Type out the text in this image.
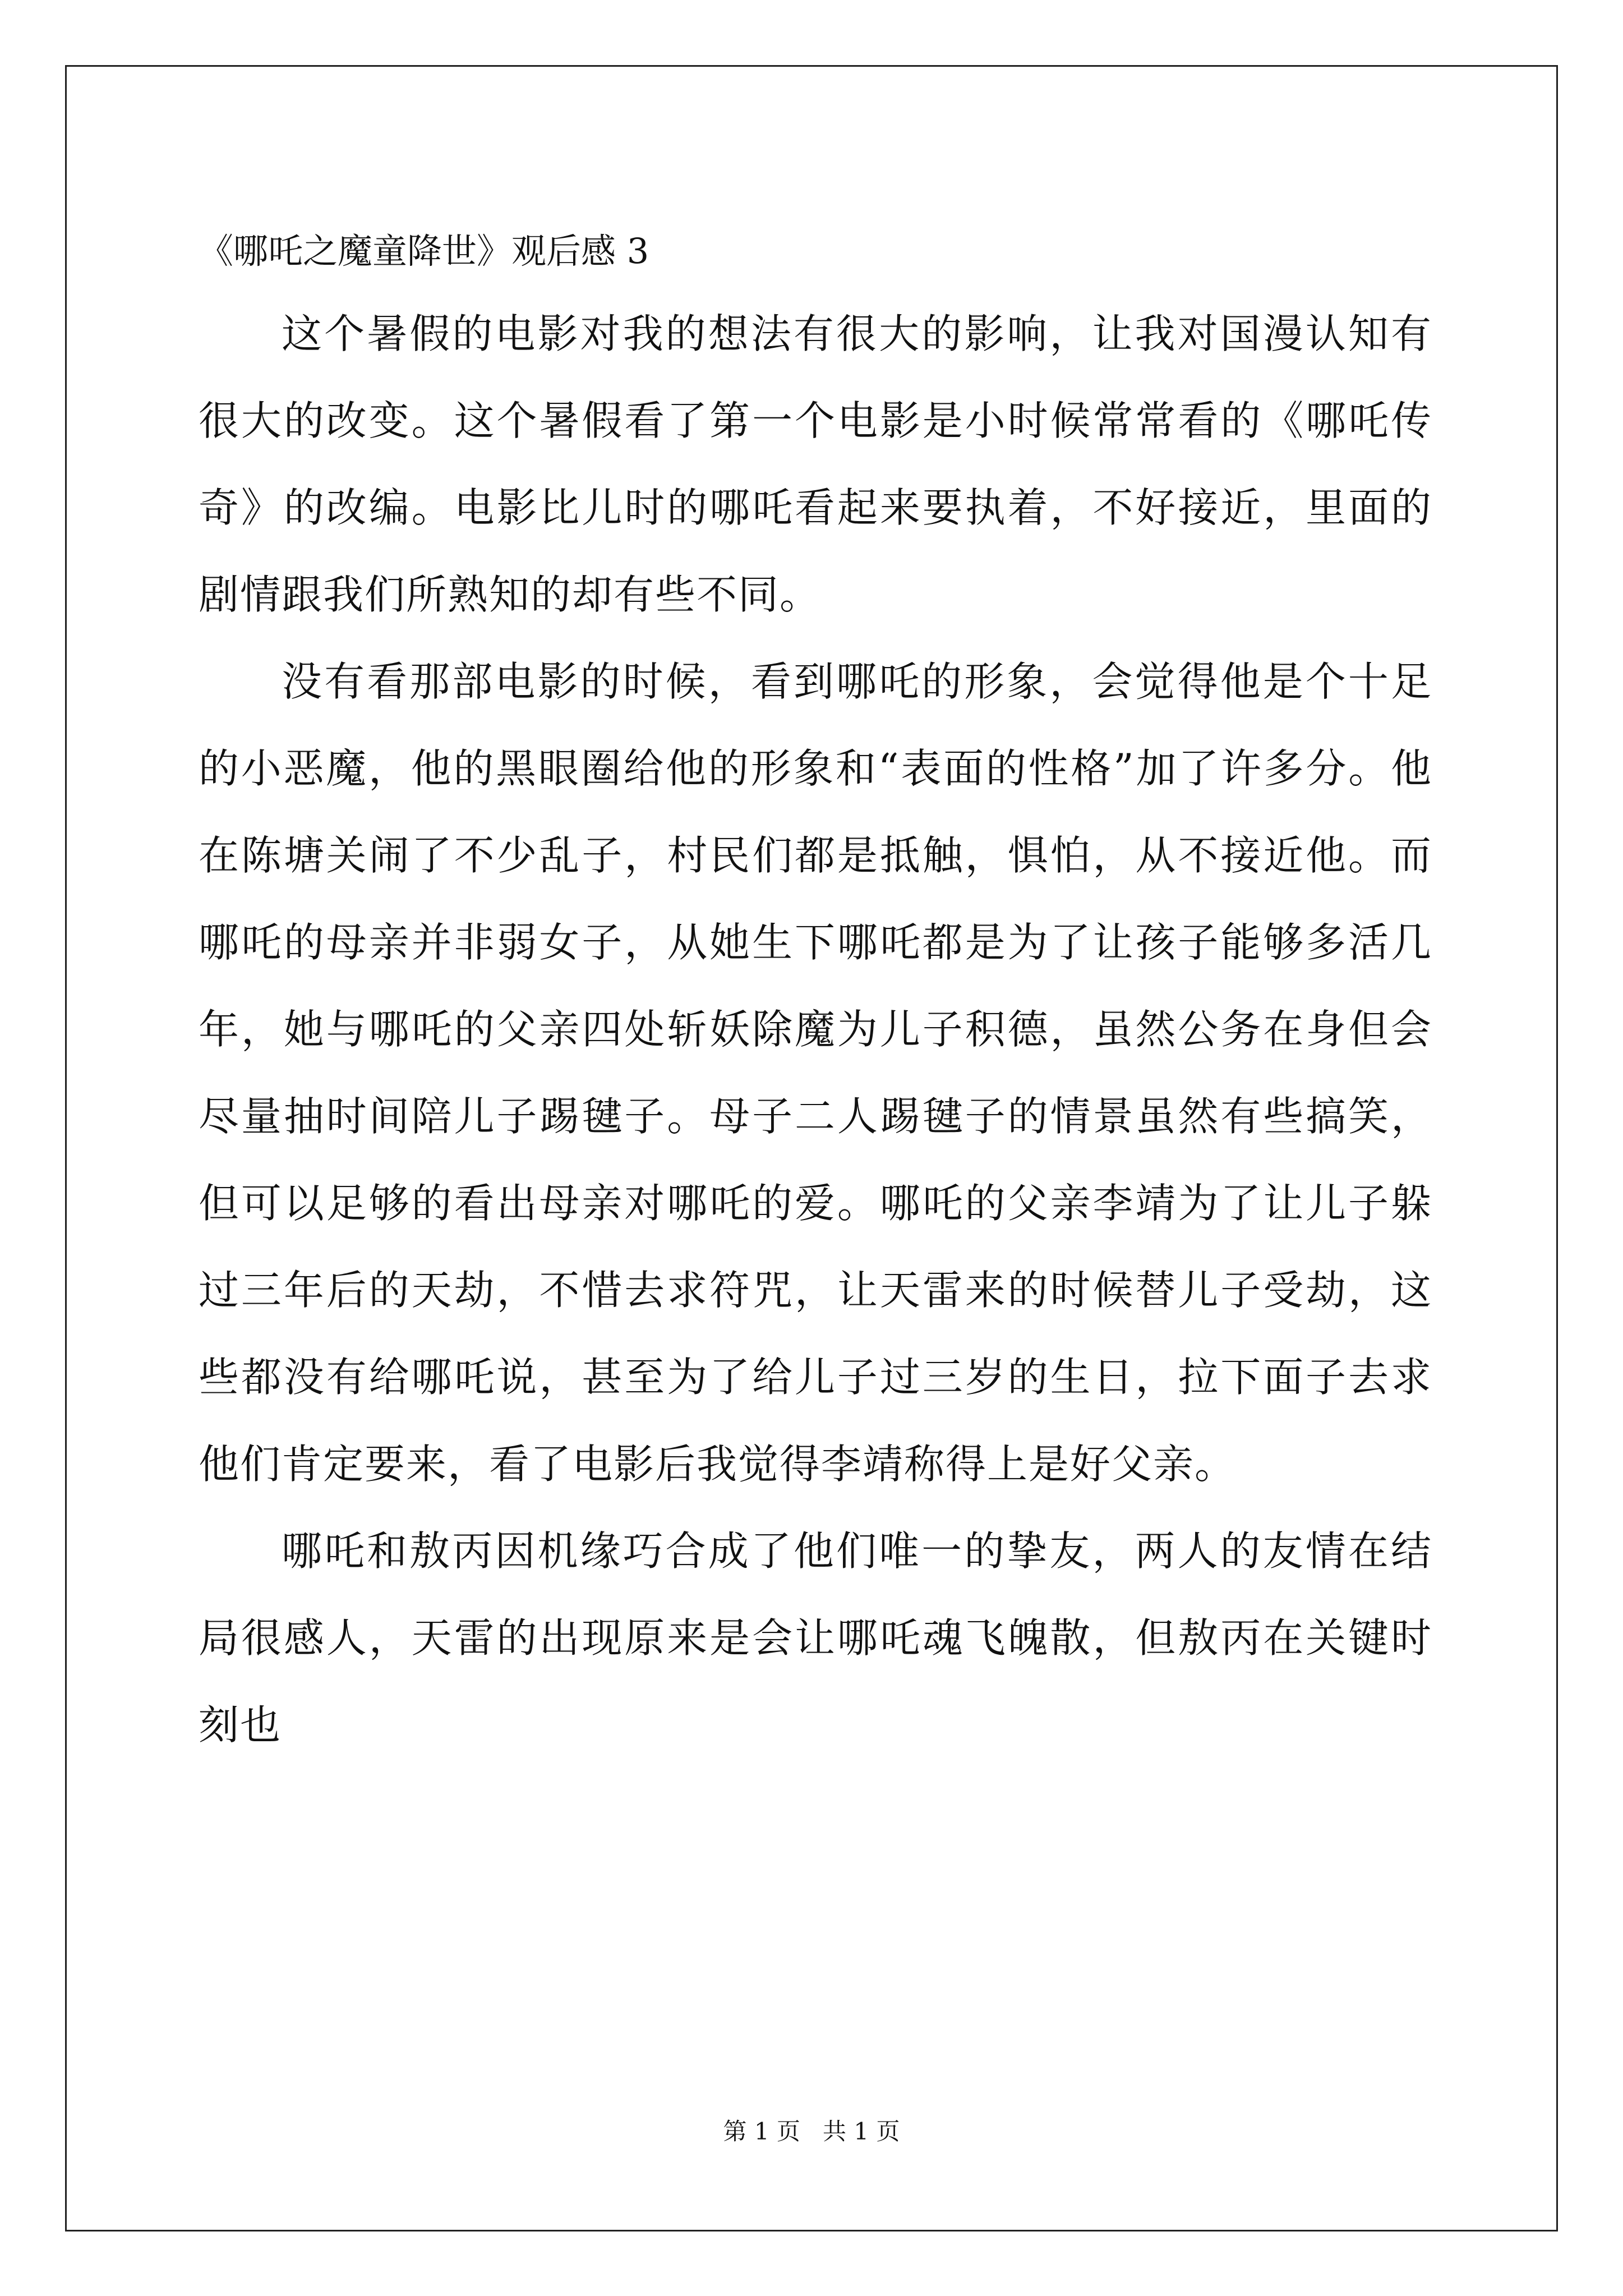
《哪吒之魔童降世》观后感 3

这个暑假的电影对我的想法有很大的影响，让我对国漫认知有很大的改变。这个暑假看了第一个电影是小时候常常看的《哪吒传奇》的改编。电影比儿时的哪吒看起来要执着，不好接近，里面的剧情跟我们所熟知的却有些不同。

没有看那部电影的时候，看到哪吒的形象，会觉得他是个十足的小恶魔，他的黑眼圈给他的形象和“表面的性格”加了许多分。他在陈塘关闹了不少乱子，村民们都是抵触，惧怕，从不接近他。而哪吒的母亲并非弱女子，从她生下哪吒都是为了让孩子能够多活几年，她与哪吒的父亲四处斩妖除魔为儿子积德，虽然公务在身但会尽量抽时间陪儿子踢毽子。母子二人踢毽子的情景虽然有些搞笑，但可以足够的看出母亲对哪吒的爱。哪吒的父亲李靖为了让儿子躲过三年后的天劫，不惜去求符咒，让天雷来的时候替儿子受劫，这些都没有给哪吒说，甚至为了给儿子过三岁的生日，拉下面子去求他们肯定要来，看了电影后我觉得李靖称得上是好父亲。

哪吒和敖丙因机缘巧合成了他们唯一的挚友，两人的友情在结局很感人，天雷的出现原来是会让哪吒魂飞魄散，但敖丙在关键时刻也

第 1 页   共 1 页
